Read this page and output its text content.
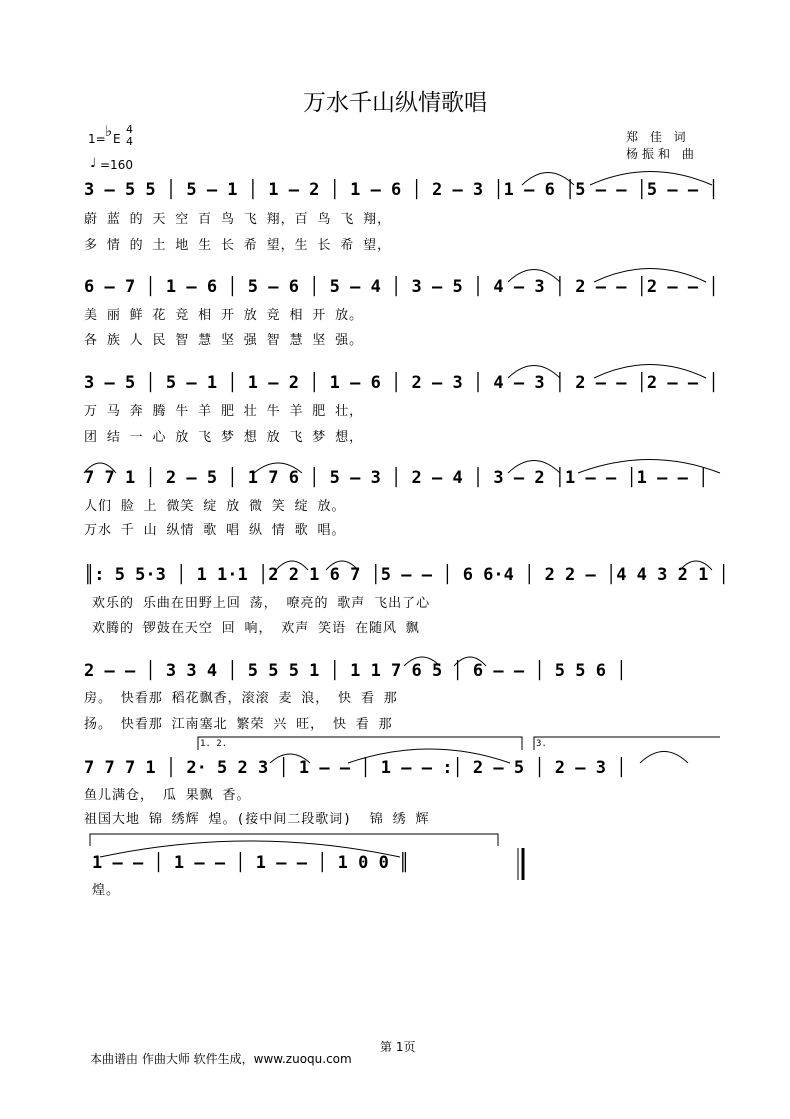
万水千山纵情歌唱
1= ♭ E
4
4
♩ =160
郑 佳 词
杨振和 曲
3 – 5 5 │ 5 – 1 │ 1 – 2 │ 1 – 6 │ 2 – 3 │1 – 6 │5 – – │5 – – │
蔚 蓝 的 天 空 百 鸟 飞 翔，百 鸟 飞 翔，
多 情 的 土 地 生 长 希 望，生 长 希 望，
6 – 7 │ 1 – 6 │ 5 – 6 │ 5 – 4 │ 3 – 5 │ 4 – 3 │ 2 – – │2 – – │
美 丽 鲜 花 竞 相 开 放 竞 相 开 放。
各 族 人 民 智 慧 坚 强 智 慧 坚 强。
3 – 5 │ 5 – 1 │ 1 – 2 │ 1 – 6 │ 2 – 3 │ 4 – 3 │ 2 – – │2 – – │
万 马 奔 腾 牛 羊 肥 壮 牛 羊 肥 壮，
团 结 一 心 放 飞 梦 想 放 飞 梦 想，
7 7 1 │ 2 – 5 │ 1 7 6 │ 5 – 3 │ 2 – 4 │ 3 – 2 │1 – – │1 – – │
人们 脸 上 微笑 绽 放 微 笑 绽 放。
万水 千 山 纵情 歌 唱 纵 情 歌 唱。
║: 5 5·3 │ 1 1·1 │2 2 1 6 7 │5 – – │ 6 6·4 │ 2 2 – │4 4 3 2 1 │
欢乐的 乐曲在田野上回 荡， 嘹亮的 歌声 飞出了心
欢腾的 锣鼓在天空 回 响， 欢声 笑语 在随风 飘
2 – – │ 3 3 4 │ 5 5 5 1 │ 1 1 7 6 5 │ 6 – – │ 5 5 6 │
房。 快看那 稻花飘香，滚滚 麦 浪， 快 看 那
扬。 快看那 江南塞北 繁荣 兴 旺， 快 看 那
7 7 7 1 │ 2· 5 2 3 │ 1 – – │ 1 – – :│ 2 – 5 │ 2 – 3 │
鱼儿满仓， 瓜 果飘 香。
祖国大地 锦 绣辉 煌。(接中间二段歌词)  锦 绣 辉
1 – – │ 1 – – │ 1 – – │ 1 0 0 ║
煌。
1. 2.	3.
第 1页
本曲谱由 作曲大师 软件生成，www.zuoqu.com
